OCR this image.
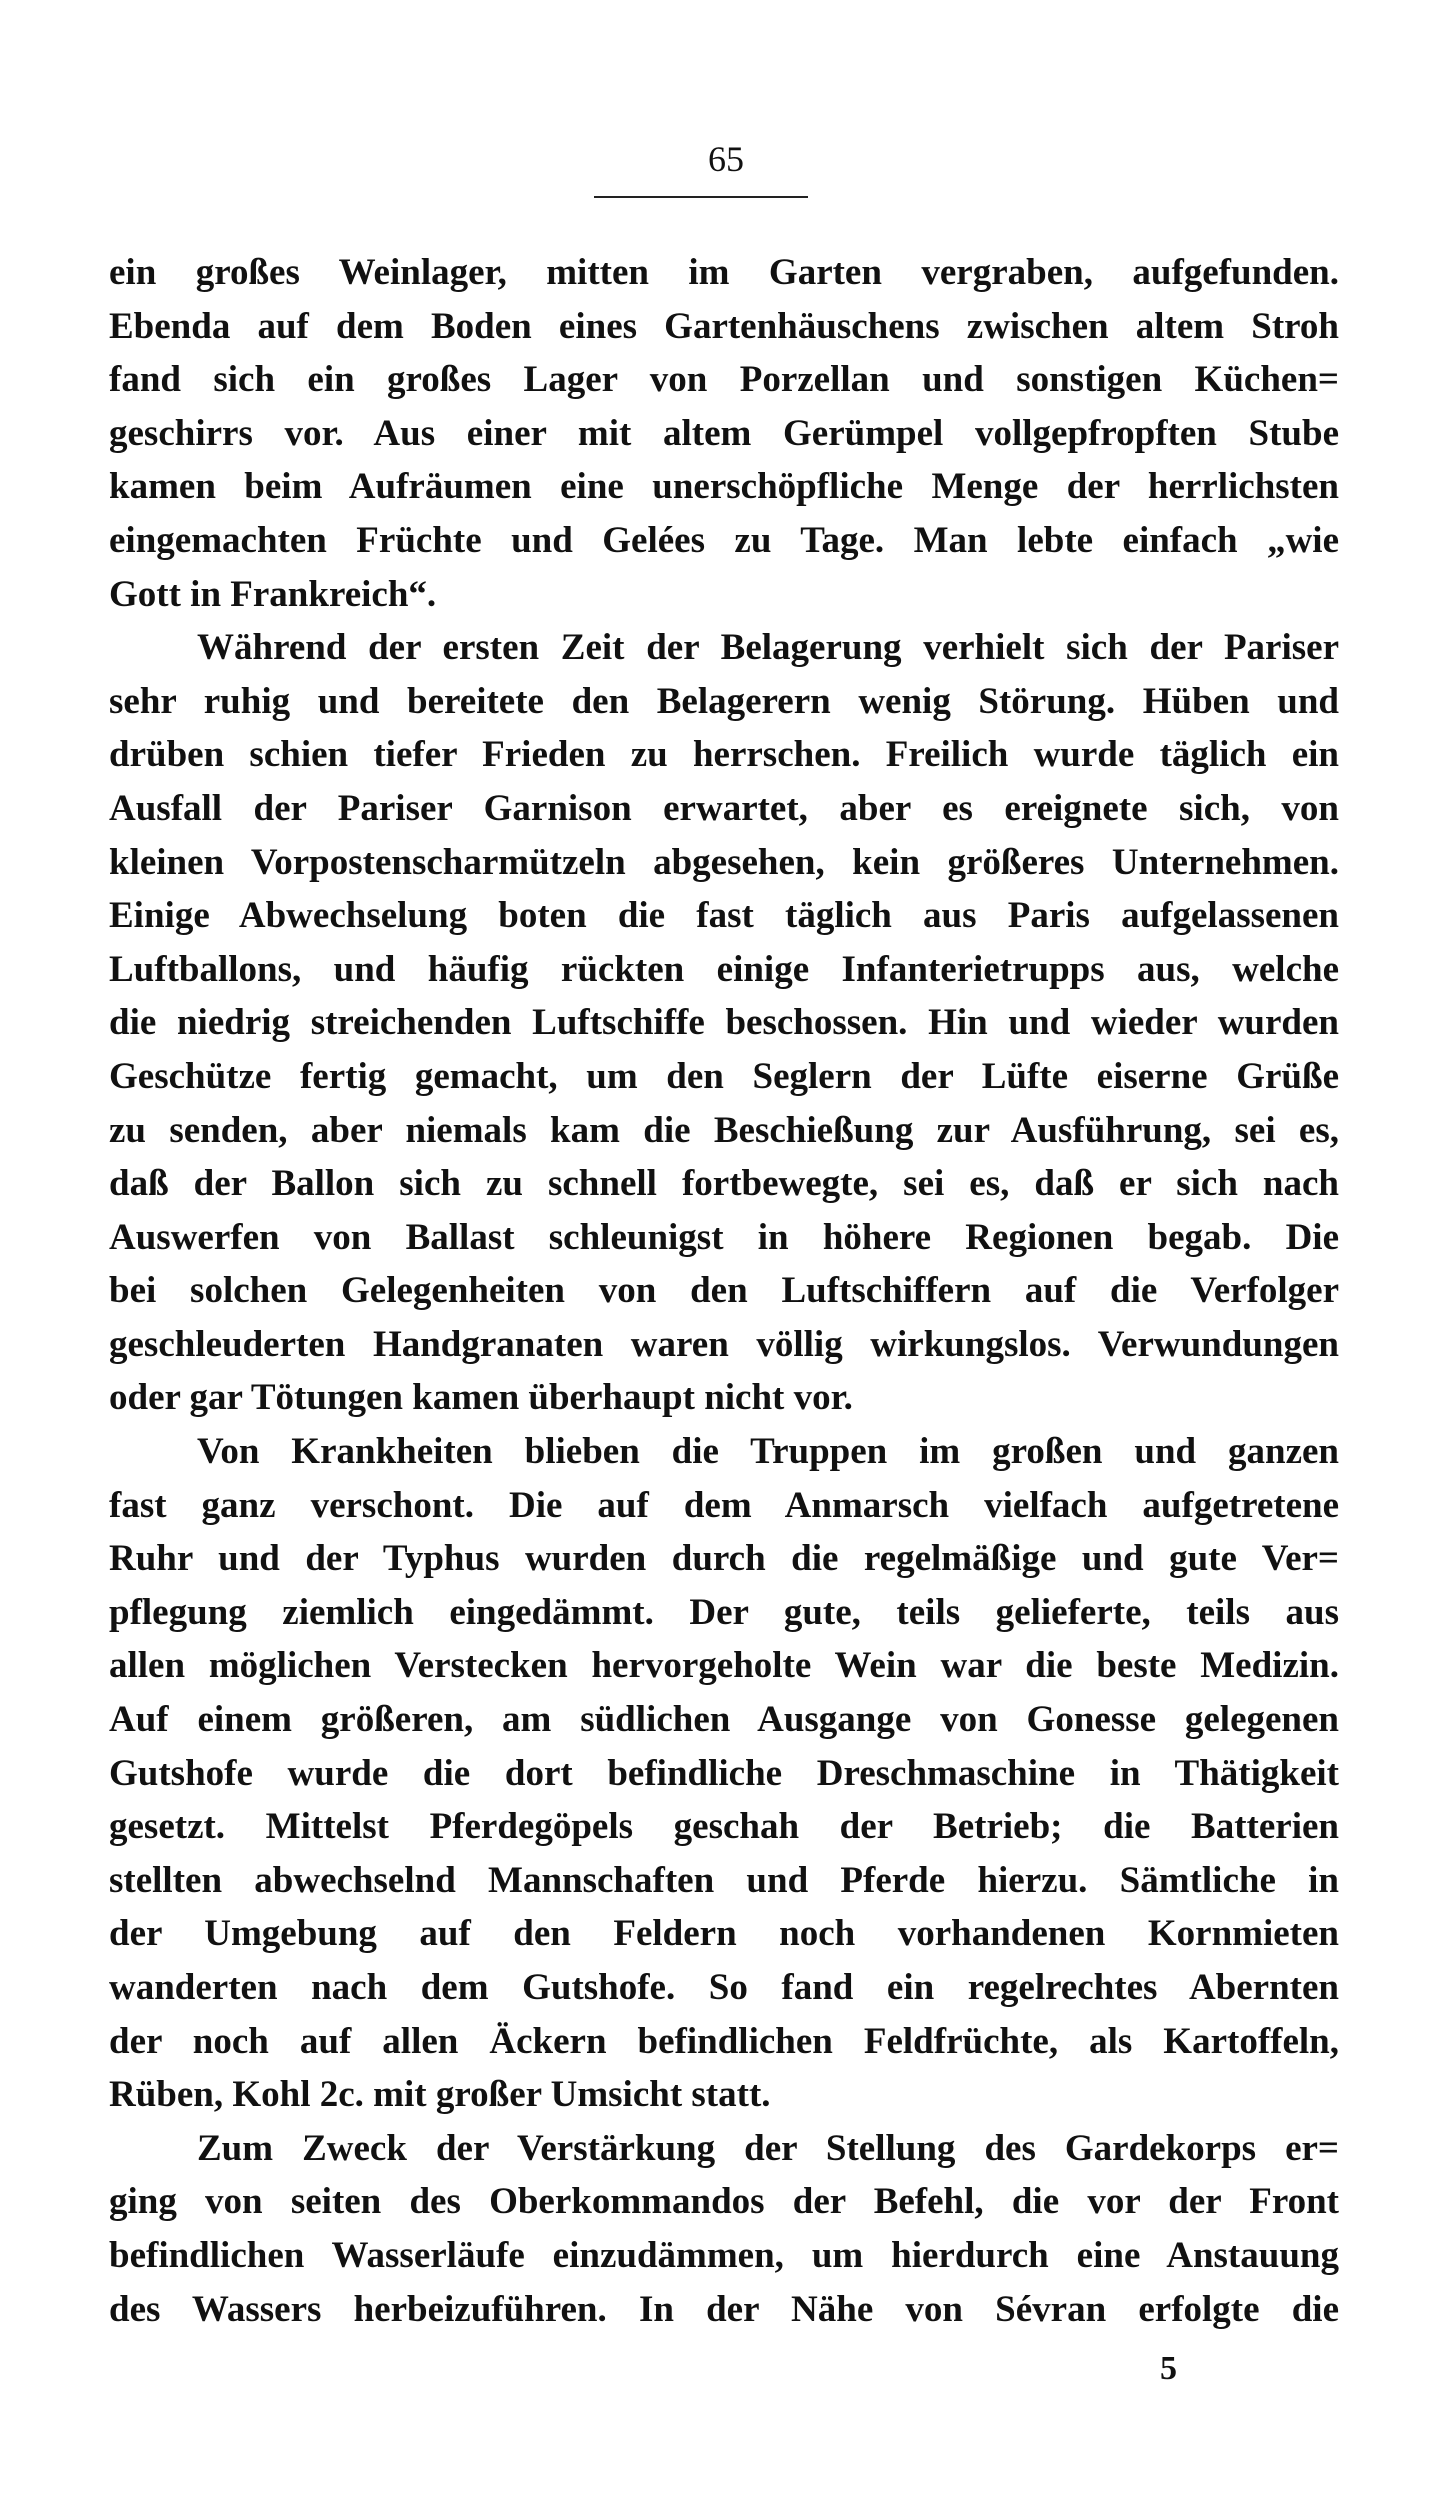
65
ein großes Weinlager, mitten im Garten vergraben, aufgefunden.
Ebenda auf dem Boden eines Gartenhäuschens zwischen altem Stroh
fand sich ein großes Lager von Porzellan und sonstigen Küchen=
geschirrs vor. Aus einer mit altem Gerümpel vollgepfropften Stube
kamen beim Aufräumen eine unerschöpfliche Menge der herrlichsten
eingemachten Früchte und Gelées zu Tage. Man lebte einfach „wie
Gott in Frankreich“.
Während der ersten Zeit der Belagerung verhielt sich der Pariser
sehr ruhig und bereitete den Belagerern wenig Störung. Hüben und
drüben schien tiefer Frieden zu herrschen. Freilich wurde täglich ein
Ausfall der Pariser Garnison erwartet, aber es ereignete sich, von
kleinen Vorpostenscharmützeln abgesehen, kein größeres Unternehmen.
Einige Abwechselung boten die fast täglich aus Paris aufgelassenen
Luftballons, und häufig rückten einige Infanterietrupps aus, welche
die niedrig streichenden Luftschiffe beschossen. Hin und wieder wurden
Geschütze fertig gemacht, um den Seglern der Lüfte eiserne Grüße
zu senden, aber niemals kam die Beschießung zur Ausführung, sei es,
daß der Ballon sich zu schnell fortbewegte, sei es, daß er sich nach
Auswerfen von Ballast schleunigst in höhere Regionen begab. Die
bei solchen Gelegenheiten von den Luftschiffern auf die Verfolger
geschleuderten Handgranaten waren völlig wirkungslos. Verwundungen
oder gar Tötungen kamen überhaupt nicht vor.
Von Krankheiten blieben die Truppen im großen und ganzen
fast ganz verschont. Die auf dem Anmarsch vielfach aufgetretene
Ruhr und der Typhus wurden durch die regelmäßige und gute Ver=
pflegung ziemlich eingedämmt. Der gute, teils gelieferte, teils aus
allen möglichen Verstecken hervorgeholte Wein war die beste Medizin.
Auf einem größeren, am südlichen Ausgange von Gonesse gelegenen
Gutshofe wurde die dort befindliche Dreschmaschine in Thätigkeit
gesetzt. Mittelst Pferdegöpels geschah der Betrieb; die Batterien
stellten abwechselnd Mannschaften und Pferde hierzu. Sämtliche in
der Umgebung auf den Feldern noch vorhandenen Kornmieten
wanderten nach dem Gutshofe. So fand ein regelrechtes Abernten
der noch auf allen Äckern befindlichen Feldfrüchte, als Kartoffeln,
Rüben, Kohl 2c. mit großer Umsicht statt.
Zum Zweck der Verstärkung der Stellung des Gardekorps er=
ging von seiten des Oberkommandos der Befehl, die vor der Front
befindlichen Wasserläufe einzudämmen, um hierdurch eine Anstauung
des Wassers herbeizuführen. In der Nähe von Sévran erfolgte die
5
